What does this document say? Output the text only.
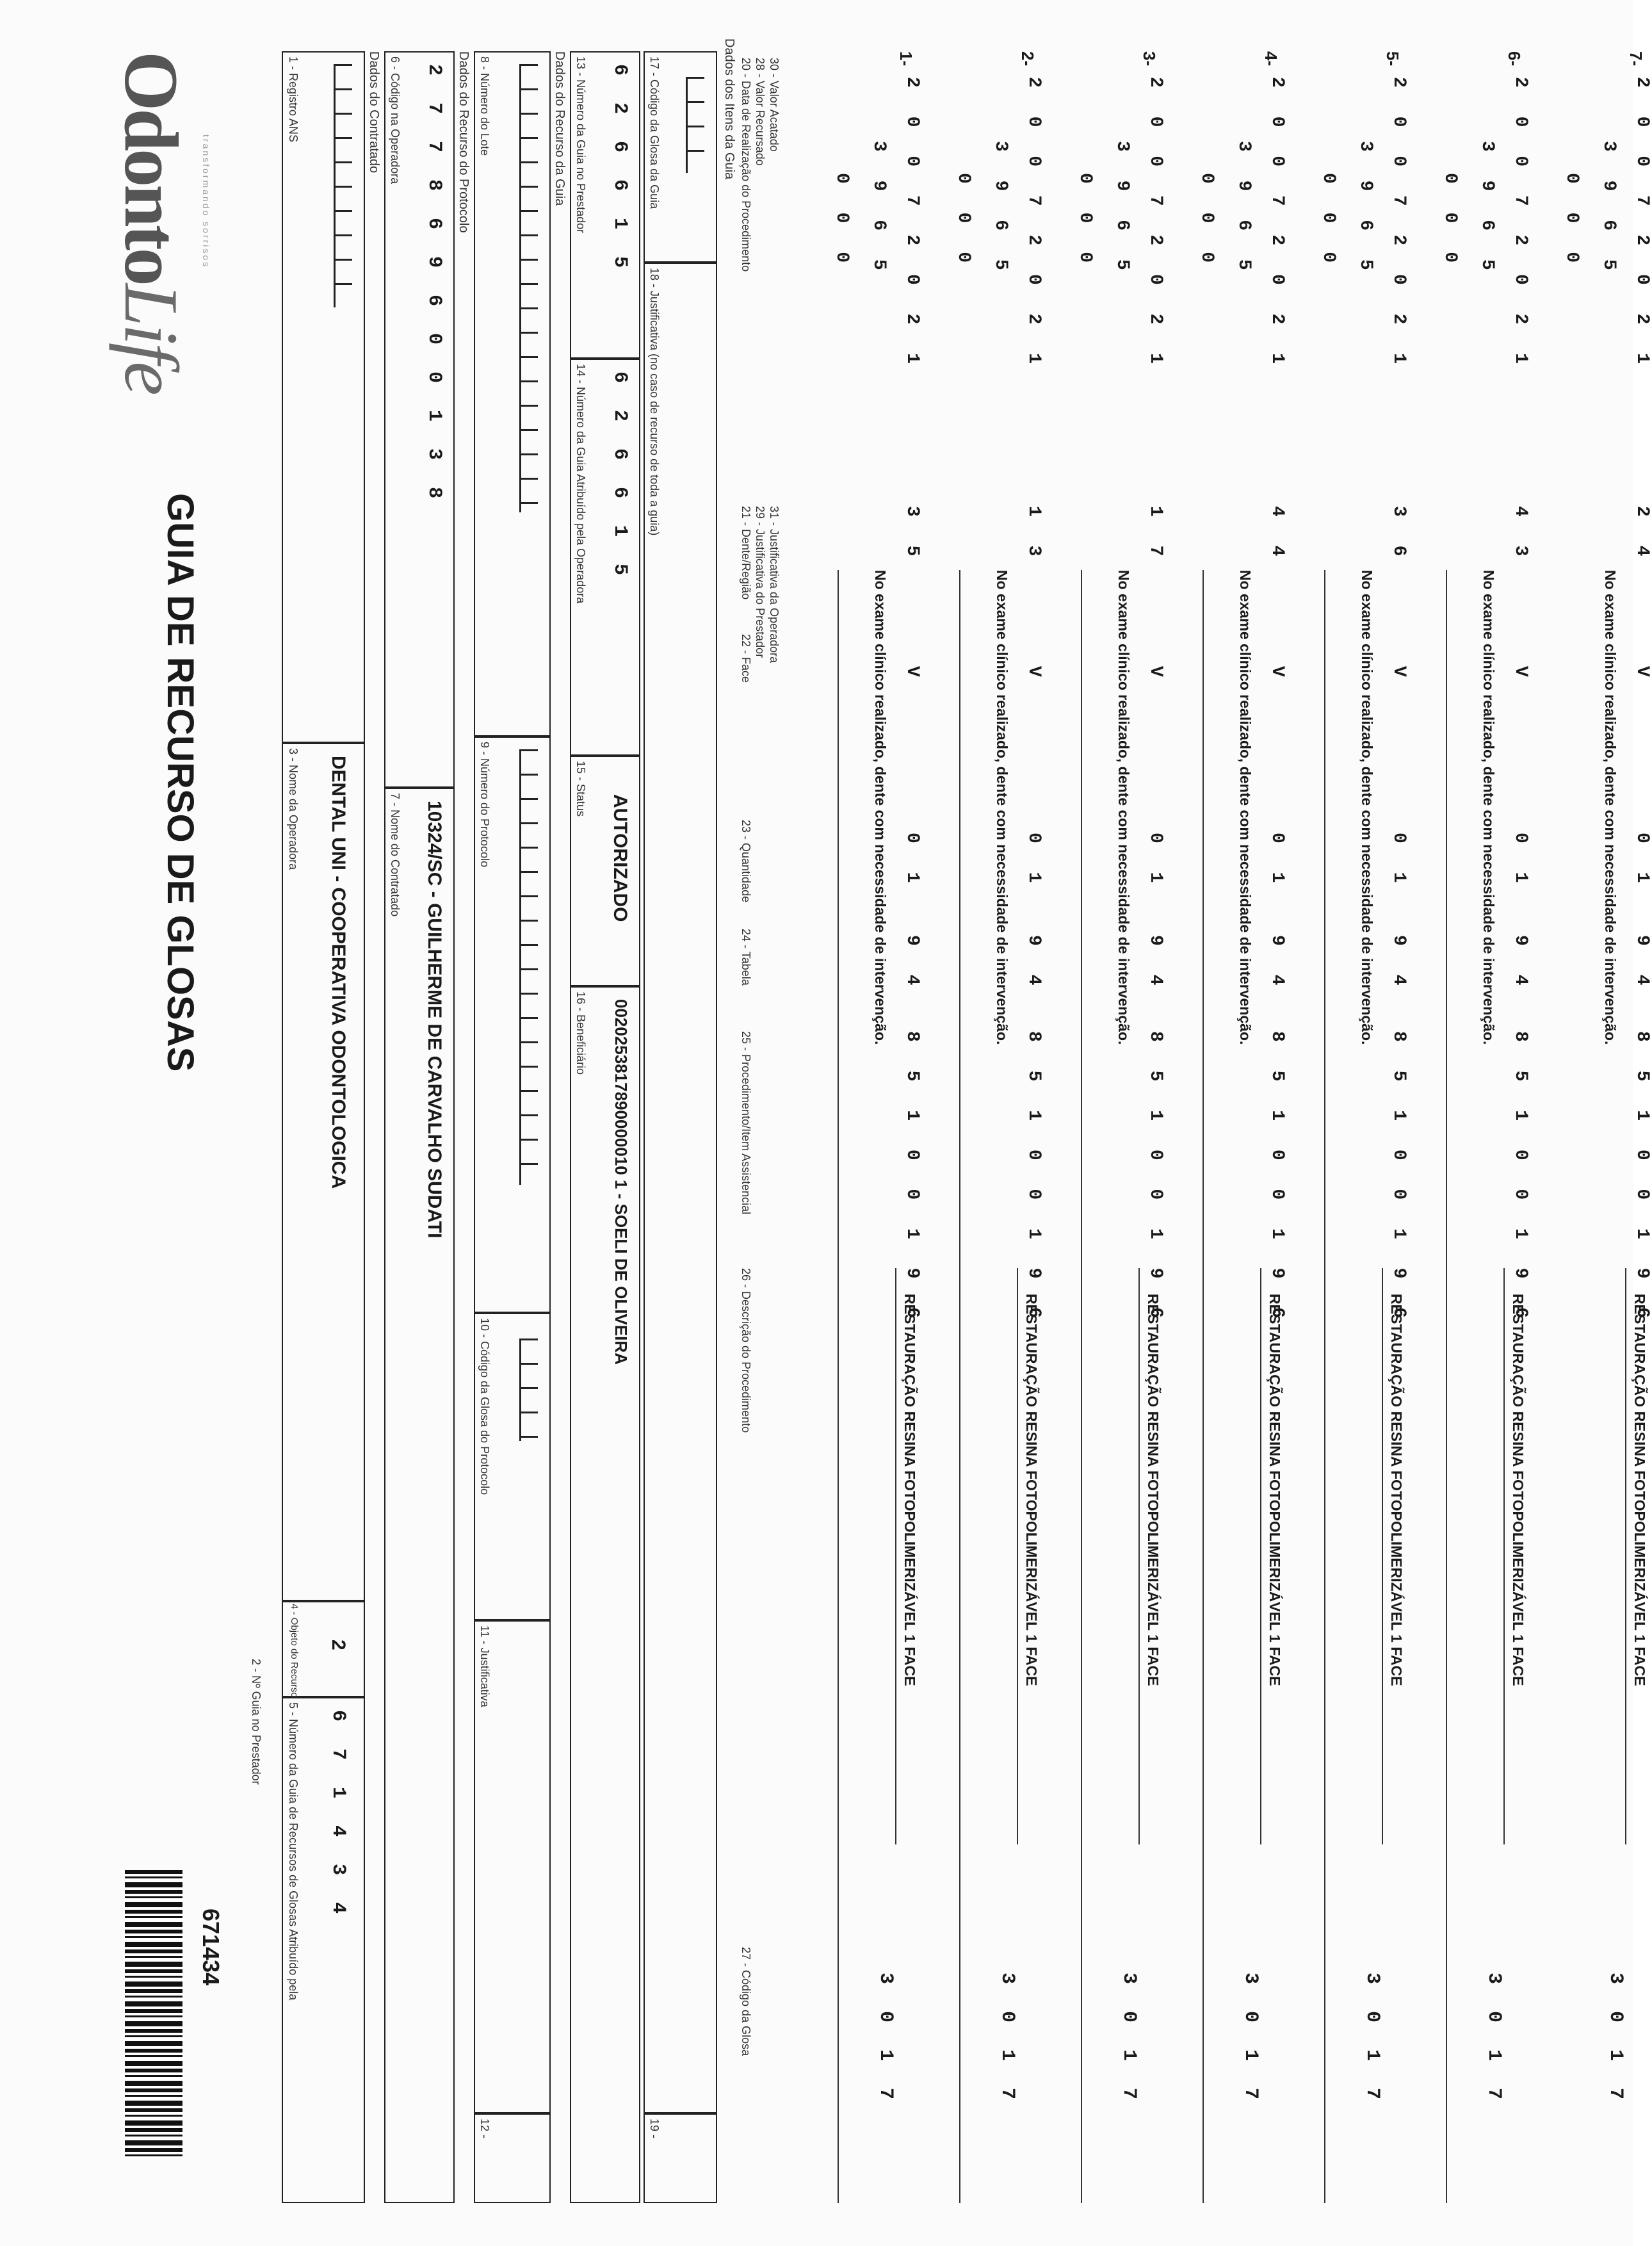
OdontoLife
transformando sorrisos
GUIA DE RECURSO DE GLOSAS
671434
2 - Nº Guia no Prestador
1 - Registro ANS
3 - Nome da Operadora DENTAL UNI - COOPERATIVA ODONTOLOGICA
4 - Objeto do Recurso 2
5 - Número da Guia de Recursos de Glosas Atribuído pela 6 7 1 4 3 4
Dados do Contratado 6 - Código na Operadora 2 7 7 8 6 9 6 0 0 1 3 8
7 - Nome do Contratado 10324/SC - GUILHERME DE CARVALHO SUDATI
Dados do Recurso do Protocolo 8 - Número do Lote
9 - Número do Protocolo
10 - Código da Glosa do Protocolo
11 - Justificativa
12 -
Dados do Recurso da Guia 13 - Número da Guia no Prestador 6 2 6 6 1 5
14 - Número da Guia Atribuído pela Operadora 6 2 6 6 1 5
15 - Status
AUTORIZADO
16 - Beneficiário 0020253817890000010 1 - SOELI DE OLIVEIRA
17 - Código da Glosa da Guia
18 - Justificativa (no caso de recurso de toda a guia)
19 -
Dados dos Itens da Guia 20 - Data de Realização do Procedimento 28 - Valor Recursado 30 - Valor Acatado
21 - Dente/Região
22 - Face
29 - Justificativa do Prestador 31 - Justificativa da Operadora
23 - Quantidade
24 - Tabela
25 - Procedimento/Item Assistencial
26 - Descrição do Procedimento
27 - Código da Glosa
1-
2 0 0 7 2 0 2 1
3 5
V
0 1
9 4
8 5 1 0 0 1 9 6
RESTAURAÇÃO RESINA FOTOPOLIMERIZÁVEL 1 FACE
3 0 1 7
3 9 6 5
0 0 0
No exame clínico realizado, dente com necessidade de intervenção.
2-
2 0 0 7 2 0 2 1
1 3
V
0 1
9 4
8 5 1 0 0 1 9 6
RESTAURAÇÃO RESINA FOTOPOLIMERIZÁVEL 1 FACE
3 0 1 7
3 9 6 5
0 0 0
No exame clínico realizado, dente com necessidade de intervenção.
3-
2 0 0 7 2 0 2 1
1 7
V
0 1
9 4
8 5 1 0 0 1 9 6
RESTAURAÇÃO RESINA FOTOPOLIMERIZÁVEL 1 FACE
3 0 1 7
3 9 6 5
0 0 0
No exame clínico realizado, dente com necessidade de intervenção.
4-
2 0 0 7 2 0 2 1
4 4
V
0 1
9 4
8 5 1 0 0 1 9 6
RESTAURAÇÃO RESINA FOTOPOLIMERIZÁVEL 1 FACE
3 0 1 7
3 9 6 5
0 0 0
No exame clínico realizado, dente com necessidade de intervenção.
5-
2 0 0 7 2 0 2 1
3 6
V
0 1
9 4
8 5 1 0 0 1 9 6
RESTAURAÇÃO RESINA FOTOPOLIMERIZÁVEL 1 FACE
3 0 1 7
3 9 6 5
0 0 0
No exame clínico realizado, dente com necessidade de intervenção.
6-
2 0 0 7 2 0 2 1
4 3
V
0 1
9 4
8 5 1 0 0 1 9 6
RESTAURAÇÃO RESINA FOTOPOLIMERIZÁVEL 1 FACE
3 0 1 7
3 9 6 5
0 0 0
No exame clínico realizado, dente com necessidade de intervenção.
7-
2 0 0 7 2 0 2 1
2 4
V
0 1
9 4
8 5 1 0 0 1 9 6
RESTAURAÇÃO RESINA FOTOPOLIMERIZÁVEL 1 FACE
3 0 1 7
3 9 6 5
0 0 0
No exame clínico realizado, dente com necessidade de intervenção.
